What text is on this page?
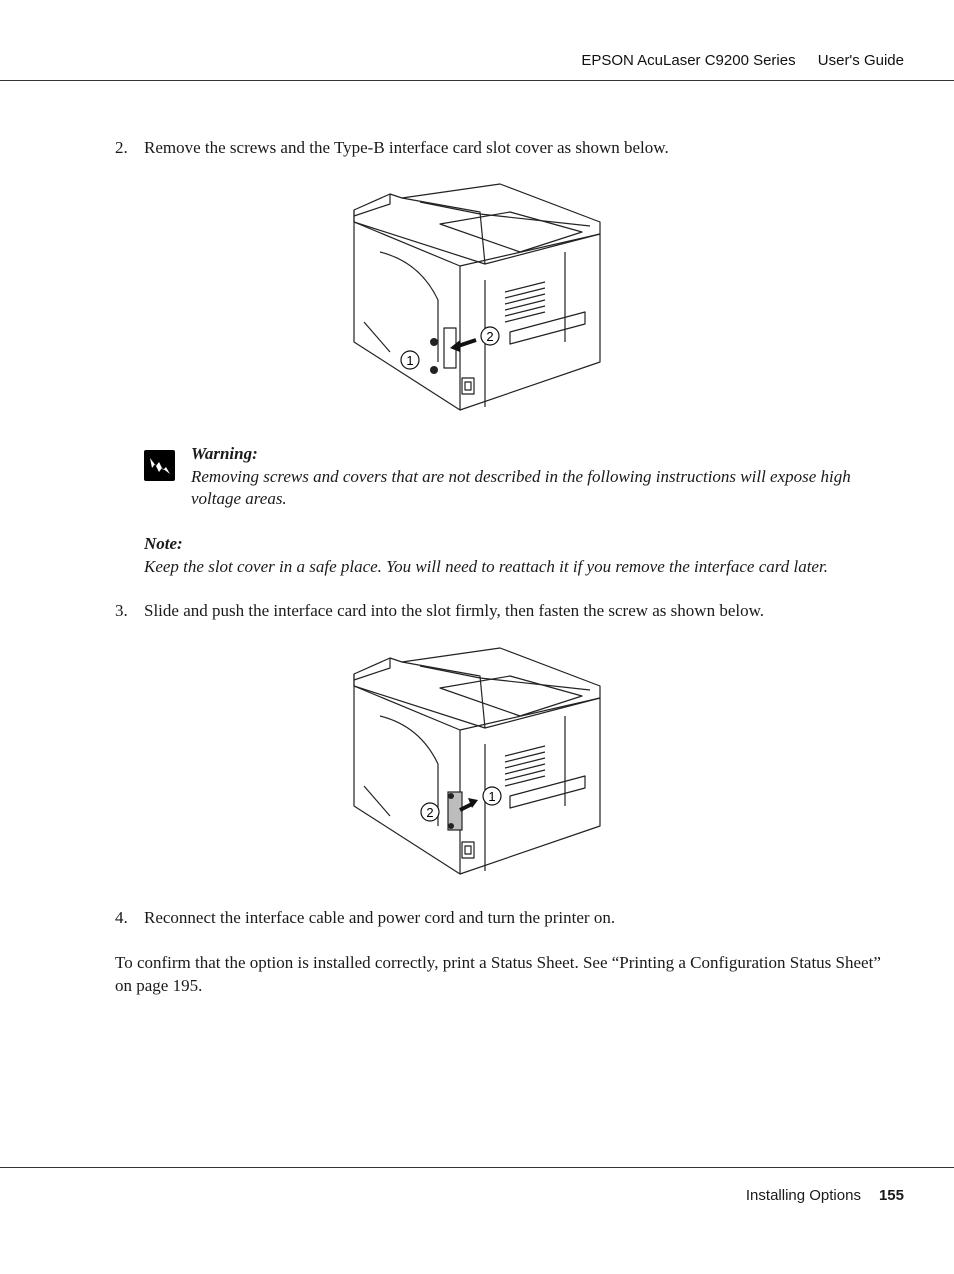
EPSON AcuLaser C9200 Series User's Guide
2. Remove the screws and the Type-B interface card slot cover as shown below.
1
2
Warning:
Removing screws and covers that are not described in the following instructions will expose high voltage areas.
Note:
Keep the slot cover in a safe place. You will need to reattach it if you remove the interface card later.
3. Slide and push the interface card into the slot firmly, then fasten the screw as shown below.
1
2
4. Reconnect the interface cable and power cord and turn the printer on.
To confirm that the option is installed correctly, print a Status Sheet. See “Printing a Configuration Status Sheet” on page 195.
Installing Options 155
